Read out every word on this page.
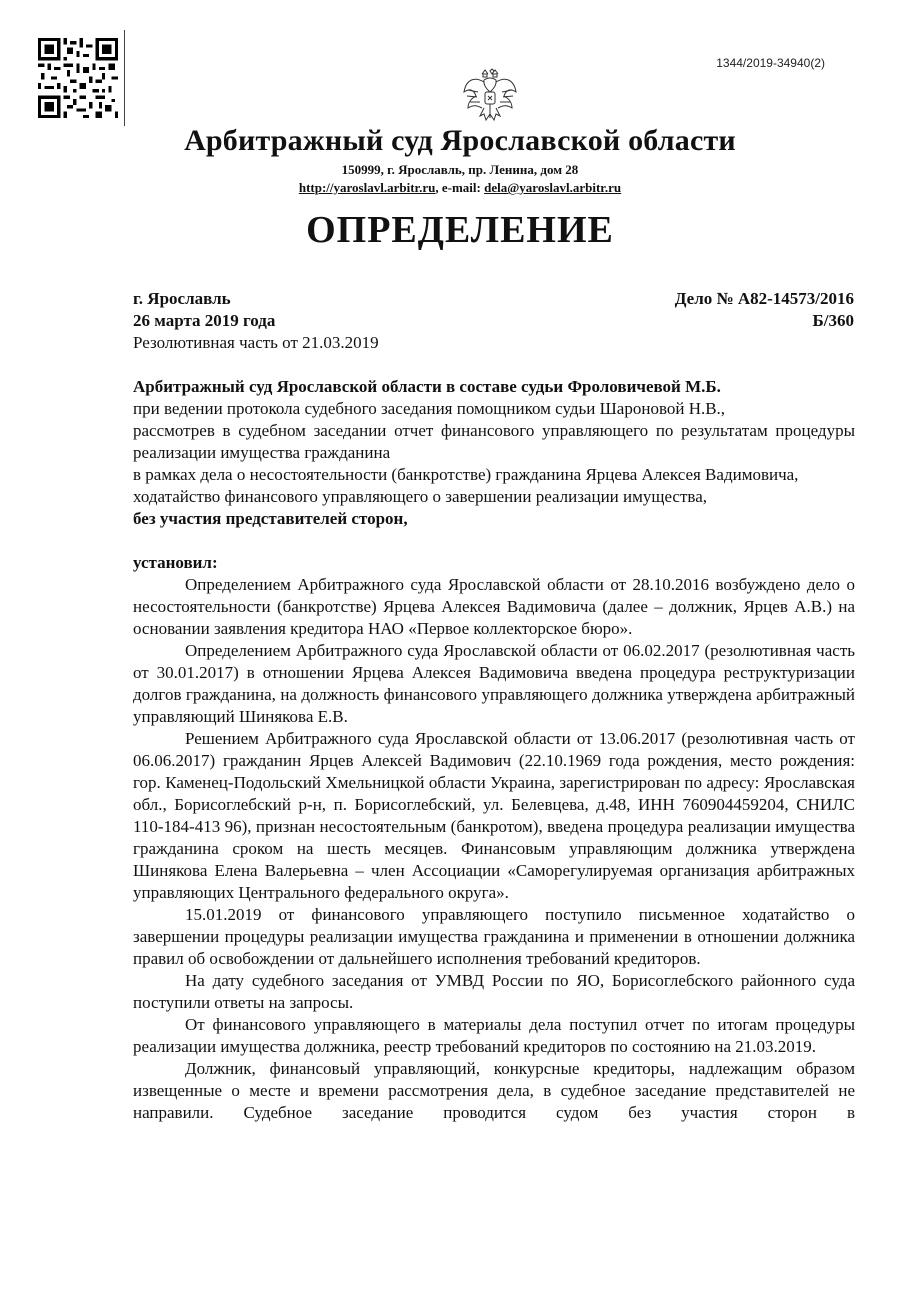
1344/2019-34940(2)
Арбитражный суд Ярославской области
150999, г. Ярославль, пр. Ленина, дом 28
http://yaroslavl.arbitr.ru, e-mail: dela@yaroslavl.arbitr.ru
ОПРЕДЕЛЕНИЕ
г. Ярославль
26 марта 2019 года
Резолютивная часть от 21.03.2019
Дело № А82-14573/2016
Б/360

Арбитражный суд Ярославской области в составе судьи Фроловичевой М.Б.

при ведении протокола судебного заседания помощником судьи Шароновой Н.В.,

рассмотрев в судебном заседании отчет финансового управляющего по результатам процедуры реализации имущества гражданина

в рамках дела о несостоятельности (банкротстве) гражданина Ярцева Алексея Вадимовича,

ходатайство финансового управляющего о завершении реализации имущества,

без участия представителей сторон,

установил:

Определением Арбитражного суда Ярославской области от 28.10.2016 возбуждено дело о несостоятельности (банкротстве) Ярцева Алексея Вадимовича (далее – должник, Ярцев А.В.) на основании заявления кредитора НАО «Первое коллекторское бюро».

Определением Арбитражного суда Ярославской области от 06.02.2017 (резолютивная часть от 30.01.2017) в отношении Ярцева Алексея Вадимовича введена процедура реструктуризации долгов гражданина, на должность финансового управляющего должника утверждена арбитражный управляющий Шинякова Е.В.

Решением Арбитражного суда Ярославской области от 13.06.2017 (резолютивная часть от 06.06.2017) гражданин Ярцев Алексей Вадимович (22.10.1969 года рождения, место рождения: гор. Каменец-Подольский Хмельницкой области Украина, зарегистрирован по адресу: Ярославская обл., Борисоглебский р-н, п. Борисоглебский, ул. Белевцева, д.48, ИНН 760904459204, СНИЛС 110-184-413 96), признан несостоятельным (банкротом), введена процедура реализации имущества гражданина сроком на шесть месяцев. Финансовым управляющим должника утверждена Шинякова Елена Валерьевна – член Ассоциации «Саморегулируемая организация арбитражных управляющих Центрального федерального округа».

15.01.2019 от финансового управляющего поступило письменное ходатайство о завершении процедуры реализации имущества гражданина и применении в отношении должника правил об освобождении от дальнейшего исполнения требований кредиторов.

На дату судебного заседания от УМВД России по ЯО, Борисоглебского районного суда поступили ответы на запросы.

От финансового управляющего в материалы дела поступил отчет по итогам процедуры реализации имущества должника, реестр требований кредиторов по состоянию на 21.03.2019.

Должник, финансовый управляющий, конкурсные кредиторы, надлежащим образом извещенные о месте и времени рассмотрения дела, в судебное заседание представителей не направили. Судебное заседание проводится судом без участия сторон в
